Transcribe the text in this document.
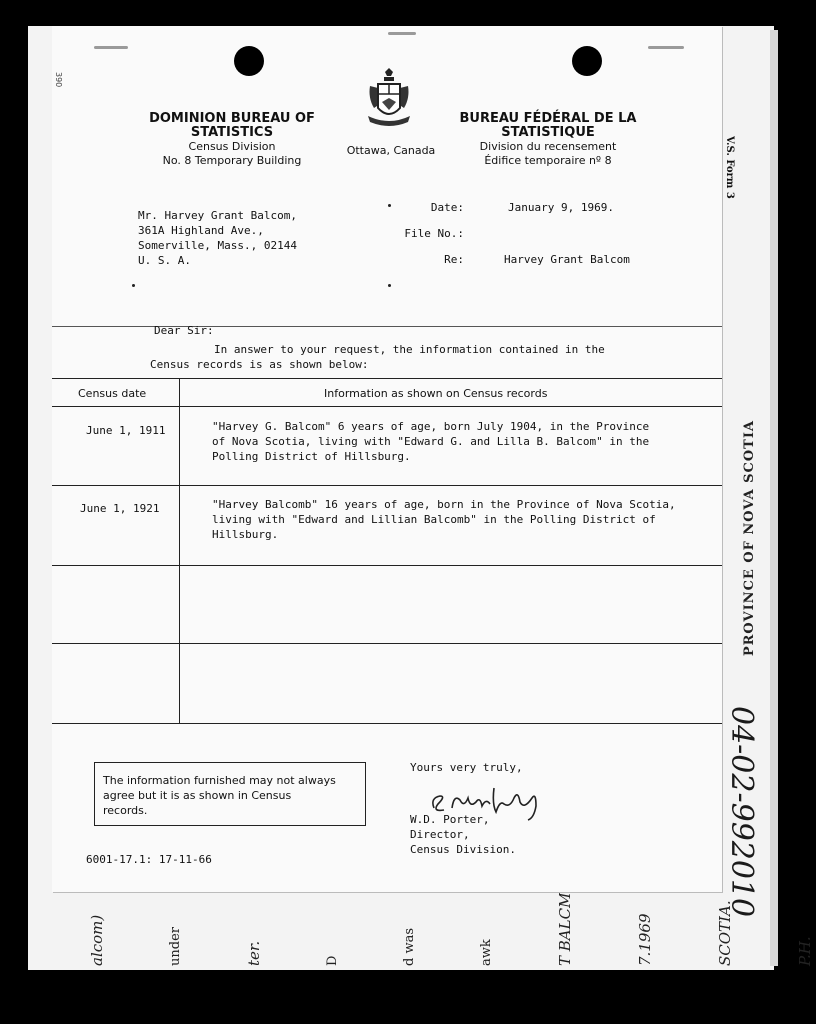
V.S. Form 3
PROVINCE OF NOVA SCOTIA
04-02-992010
alcom)	under	ter.	D	d was	awk	T BALCM	7.1969	SCOTIA.	P.H.
390
DOMINION BUREAU OF STATISTICS
Census Division
No. 8 Temporary Building
Ottawa, Canada
BUREAU FÉDÉRAL DE LA STATISTIQUE
Division du recensement
Édifice temporaire nº 8
Mr. Harvey Grant Balcom,
361A Highland Ave.,
Somerville, Mass., 02144
U. S. A.
Date:	January 9, 1969.
File No.:
Re:	Harvey Grant Balcom
Dear Sir:
In answer to your request, the information contained in the
Census records is as shown below:
Census date	Information as shown on Census records
June 1, 1911	"Harvey G. Balcom" 6 years of age, born July 1904, in the Province
of Nova Scotia, living with "Edward G. and Lilla B. Balcom" in the
Polling District of Hillsburg.
June 1, 1921	"Harvey Balcomb" 16 years of age, born in the Province of Nova Scotia,
living with "Edward and Lillian Balcomb" in the Polling District of
Hillsburg.
The information furnished may not always
agree but it is as shown in Census
records.
Yours very truly,
W.D. Porter,
Director,
Census Division.
6001-17.1: 17-11-66
